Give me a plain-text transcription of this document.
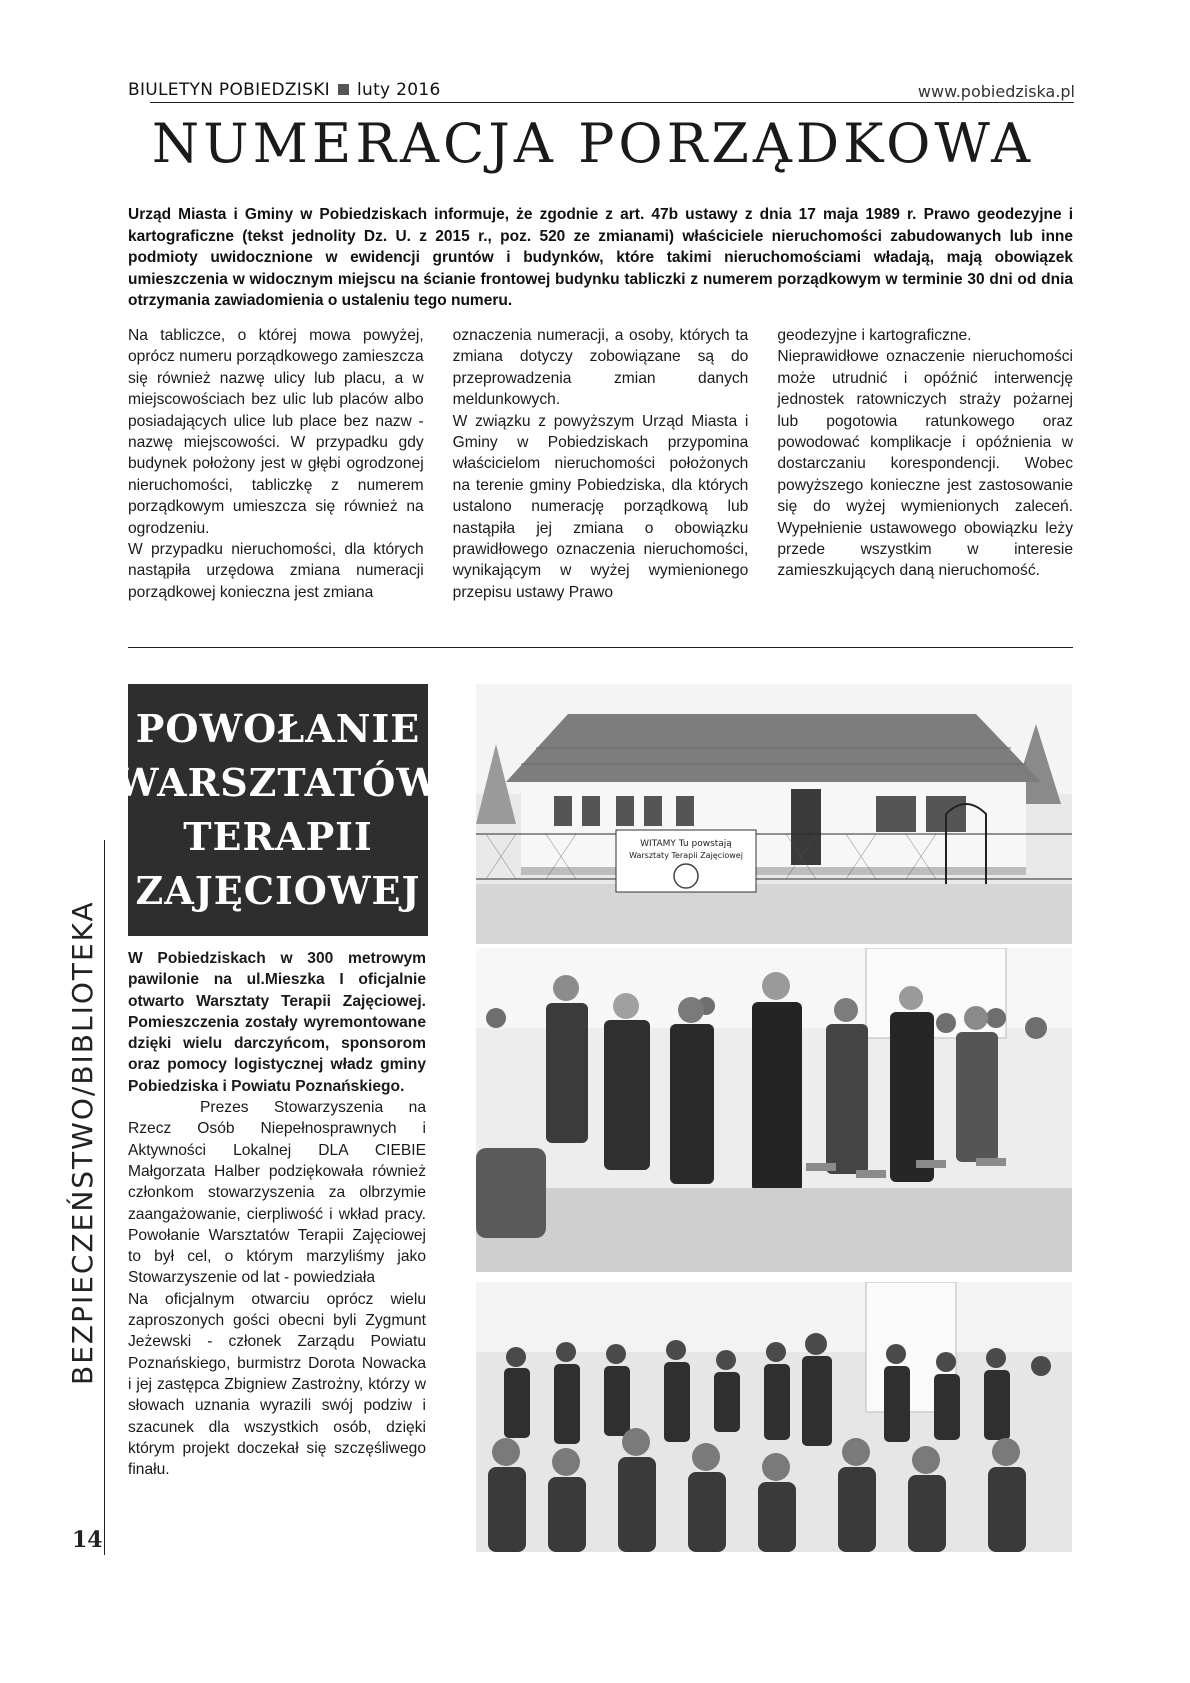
BIULETYN POBIEDZISKI luty 2016	www.pobiedziska.pl
NUMERACJA PORZĄDKOWA
Urząd Miasta i Gminy w Pobiedziskach informuje, że zgodnie z art. 47b ustawy z dnia 17 maja 1989 r. Prawo geodezyjne i kartograficzne (tekst jednolity Dz. U. z 2015 r., poz. 520 ze zmianami) właściciele nieruchomości zabudowanych lub inne podmioty uwidocznione w ewidencji gruntów i budynków, które takimi nieruchomościami władają, mają obowiązek umieszczenia w widocznym miejscu na ścianie frontowej budynku tabliczki z numerem porządkowym w terminie 30 dni od dnia otrzymania zawiadomienia o ustaleniu tego numeru.

Na tabliczce, o której mowa powyżej, oprócz numeru porządkowego zamieszcza się również nazwę ulicy lub placu, a w miejscowościach bez ulic lub placów albo posiadających ulice lub place bez nazw - nazwę miejscowości. W przypadku gdy budynek położony jest w głębi ogrodzonej nieruchomości, tabliczkę z numerem porządkowym umieszcza się również na ogrodzeniu.

W przypadku nieruchomości, dla których nastąpiła urzędowa zmiana numeracji porządkowej konieczna jest zmiana

oznaczenia numeracji, a osoby, których ta zmiana dotyczy zobowiązane są do przeprowadzenia zmian danych meldunkowych.

W związku z powyższym Urząd Miasta i Gminy w Pobiedziskach przypomina właścicielom nieruchomości położonych na terenie gminy Pobiedziska, dla których ustalono numerację porządkową lub nastąpiła jej zmiana o obowiązku prawidłowego oznaczenia nieruchomości, wynikającym w wyżej wymienionego przepisu ustawy Prawo

geodezyjne i kartograficzne.

Nieprawidłowe oznaczenie nieruchomości może utrudnić i opóźnić interwencję jednostek ratowniczych straży pożarnej lub pogotowia ratunkowego oraz powodować komplikacje i opóźnienia w dostarczaniu korespondencji. Wobec powyższego konieczne jest zastosowanie się do wyżej wymienionych zaleceń. Wypełnienie ustawowego obowiązku leży przede wszystkim w interesie zamieszkujących daną nieruchomość.

POWOŁANIE
WARSZTATÓW
TERAPII
ZAJĘCIOWEJ

W Pobiedziskach w 300 metrowym pawilonie na ul.Mieszka I oficjalnie otwarto Warsztaty Terapii Zajęciowej. Pomieszczenia zostały wyremontowane dzięki wielu darczyńcom, sponsorom oraz pomocy logistycznej władz gminy Pobiedziska i Powiatu Poznańskiego.

Prezes Stowarzyszenia na Rzecz Osób Niepełnosprawnych i Aktywności Lokalnej DLA CIEBIE Małgorzata Halber podziękowała również członkom stowarzyszenia za olbrzymie zaangażowanie, cierpliwość i wkład pracy. Powołanie Warsztatów Terapii Zajęciowej to był cel, o którym marzyliśmy jako Stowarzyszenie od lat - powiedziała

Na oficjalnym otwarciu oprócz wielu zaproszonych gości obecni byli Zygmunt Jeżewski - członek Zarządu Powiatu Poznańskiego, burmistrz Dorota Nowacka i jej zastępca Zbigniew Zastrożny, którzy w słowach uznania wyrazili swój podziw i szacunek dla wszystkich osób, dzięki którym projekt doczekał się szczęśliwego finału.

BEZPIECZEŃSTWO/BIBLIOTEKA
14
WITAMY Tu powstają
Warsztaty Terapii Zajęciowej
